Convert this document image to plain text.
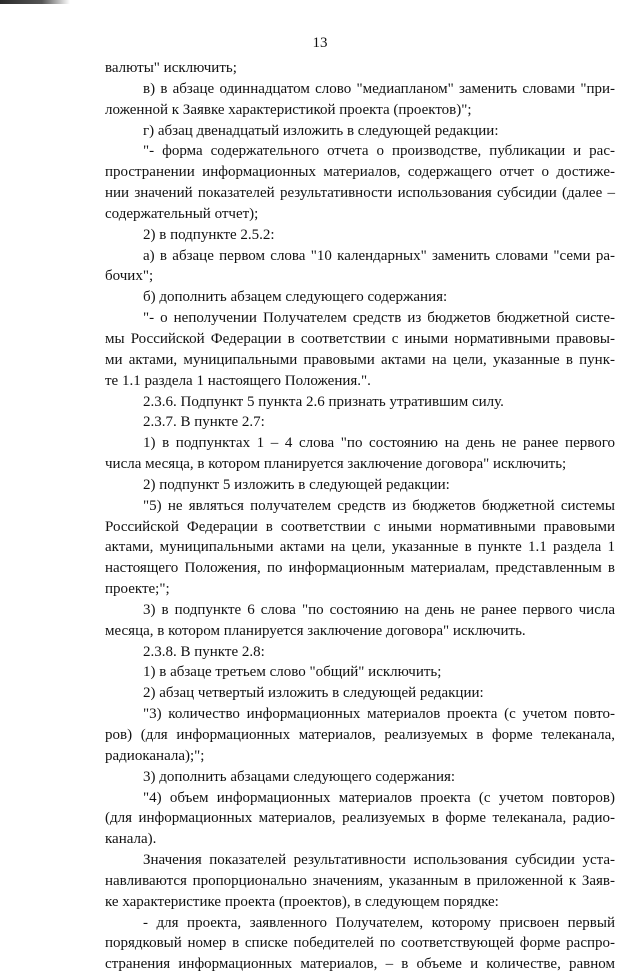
13
валюты" исключить;
в) в абзаце одиннадцатом слово "медиапланом" заменить словами "при-
ложенной к Заявке характеристикой проекта (проектов)";
г) абзац двенадцатый изложить в следующей редакции:
"- форма содержательного отчета о производстве, публикации и рас-
пространении информационных материалов, содержащего отчет о достиже-
нии значений показателей результативности использования субсидии (далее –
содержательный отчет);
2) в подпункте 2.5.2:
а) в абзаце первом слова "10 календарных" заменить словами "семи ра-
бочих";
б) дополнить абзацем следующего содержания:
"- о неполучении Получателем средств из бюджетов бюджетной систе-
мы Российской Федерации в соответствии с иными нормативными правовы-
ми актами, муниципальными правовыми актами на цели, указанные в пунк-
те 1.1 раздела 1 настоящего Положения.".
2.3.6. Подпункт 5 пункта 2.6 признать утратившим силу.
2.3.7. В пункте 2.7:
1) в подпунктах 1 – 4 слова "по состоянию на день не ранее первого
числа месяца, в котором планируется заключение договора" исключить;
2) подпункт 5 изложить в следующей редакции:
"5) не являться получателем средств из бюджетов бюджетной системы
Российской Федерации в соответствии с иными нормативными правовыми
актами, муниципальными актами на цели, указанные в пункте 1.1 раздела 1
настоящего Положения, по информационным материалам, представленным в
проекте;";
3) в подпункте 6 слова "по состоянию на день не ранее первого числа
месяца, в котором планируется заключение договора" исключить.
2.3.8. В пункте 2.8:
1) в абзаце третьем слово "общий" исключить;
2) абзац четвертый изложить в следующей редакции:
"3) количество информационных материалов проекта (с учетом повто-
ров) (для информационных материалов, реализуемых в форме телеканала,
радиоканала);";
3) дополнить абзацами следующего содержания:
"4) объем информационных материалов проекта (с учетом повторов)
(для информационных материалов, реализуемых в форме телеканала, радио-
канала).
Значения показателей результативности использования субсидии уста-
навливаются пропорционально значениям, указанным в приложенной к Заяв-
ке характеристике проекта (проектов), в следующем порядке:
- для проекта, заявленного Получателем, которому присвоен первый
порядковый номер в списке победителей по соответствующей форме распро-
странения информационных материалов, – в объеме и количестве, равном
